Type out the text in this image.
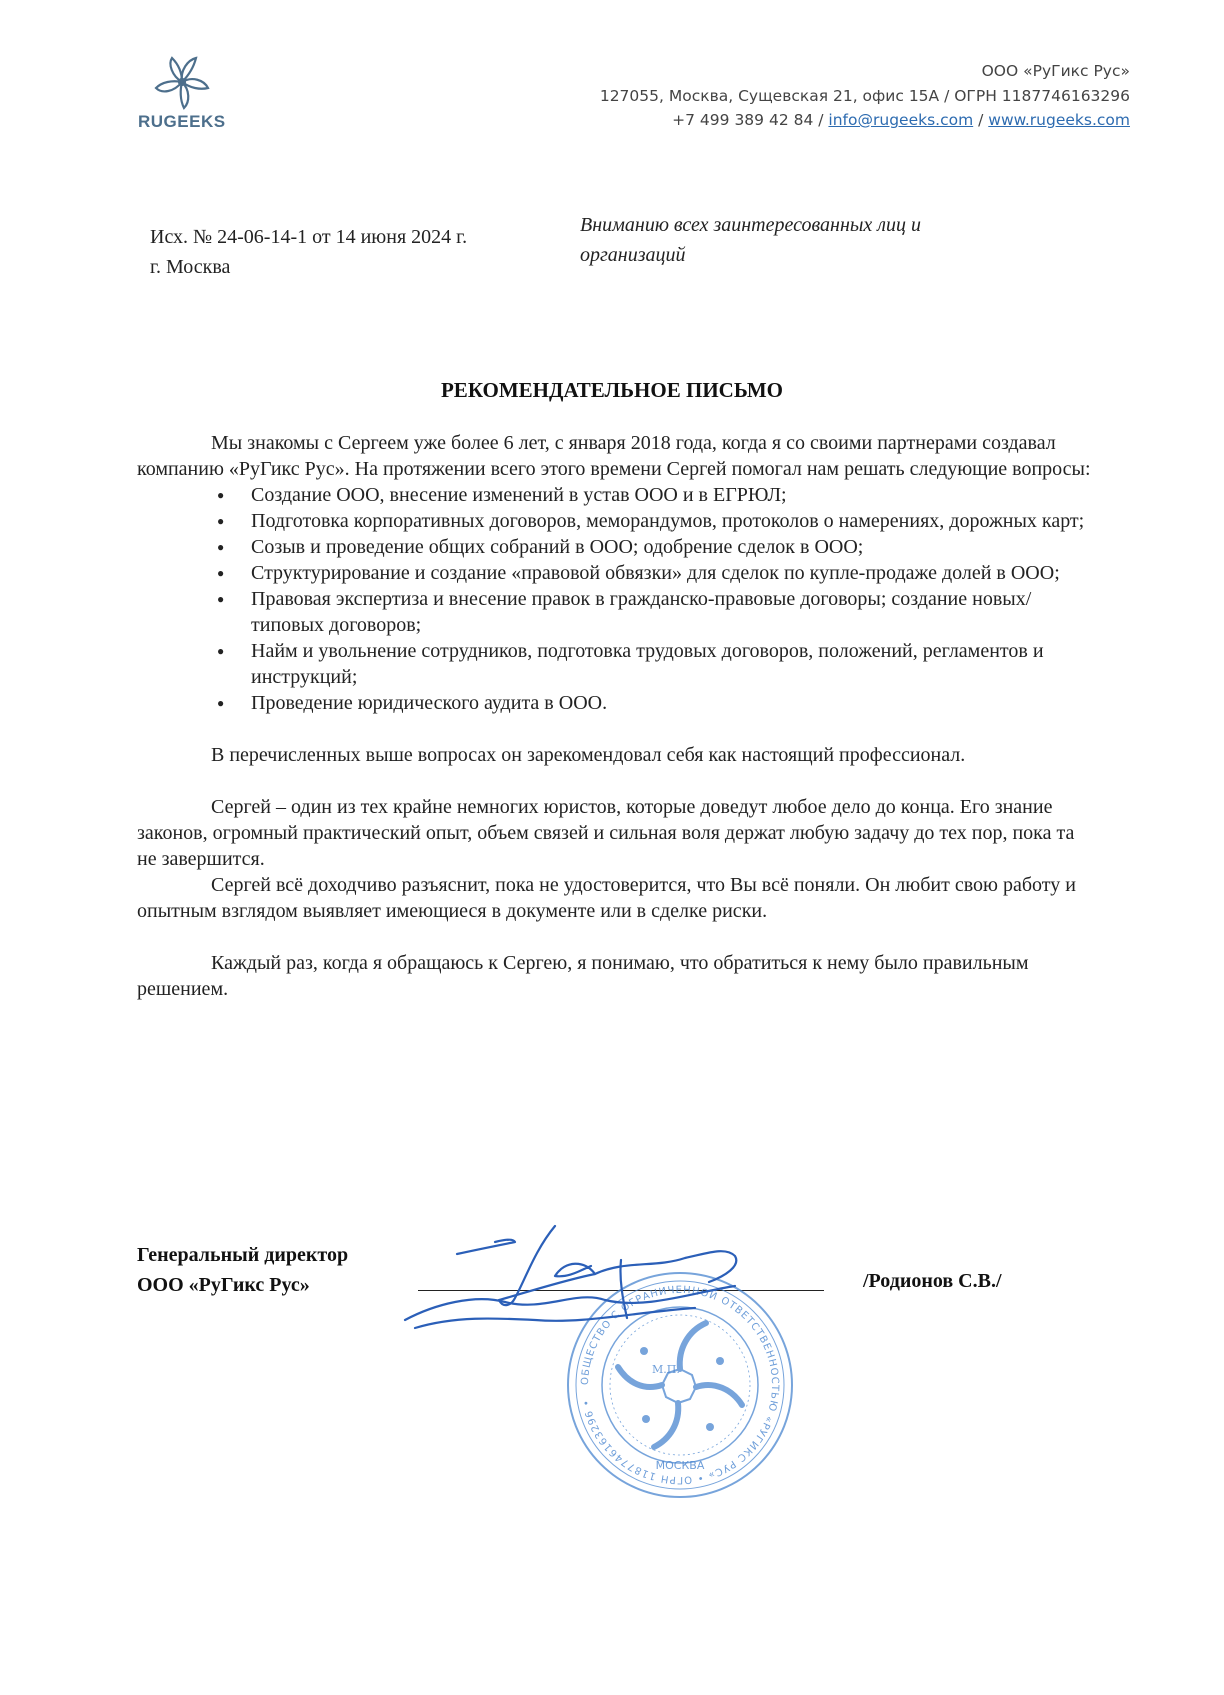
RUGEEKS
ООО «РуГикс Рус»
127055, Москва, Сущевская 21, офис 15А / ОГРН 1187746163296
+7 499 389 42 84 / info@rugeeks.com / www.rugeeks.com
Исх. № 24-06-14-1 от 14 июня 2024 г.
г. Москва
Вниманию всех заинтересованных лиц и организаций
РЕКОМЕНДАТЕЛЬНОЕ ПИСЬМО

Мы знакомы с Сергеем уже более 6 лет, с января 2018 года, когда я со своими партнерами создавал компанию «РуГикс Рус». На протяжении всего этого времени Сергей помогал нам решать следующие вопросы:

● Создание ООО, внесение изменений в устав ООО и в ЕГРЮЛ;
● Подготовка корпоративных договоров, меморандумов, протоколов о намерениях, дорожных карт;
● Созыв и проведение общих собраний в ООО; одобрение сделок в ООО;
● Структурирование и создание «правовой обвязки» для сделок по купле-продаже долей в ООО;
● Правовая экспертиза и внесение правок в гражданско-правовые договоры; создание новых/типовых договоров;
● Найм и увольнение сотрудников, подготовка трудовых договоров, положений, регламентов и инструкций;
● Проведение юридического аудита в ООО.

В перечисленных выше вопросах он зарекомендовал себя как настоящий профессионал.

Сергей – один из тех крайне немногих юристов, которые доведут любое дело до конца. Его знание законов, огромный практический опыт, объем связей и сильная воля держат любую задачу до тех пор, пока та не завершится.

Сергей всё доходчиво разъяснит, пока не удостоверится, что Вы всё поняли. Он любит свою работу и опытным взглядом выявляет имеющиеся в документе или в сделке риски.

Каждый раз, когда я обращаюсь к Сергею, я понимаю, что обратиться к нему было правильным решением.

Генеральный директор
ООО «РуГикс Рус»	/Родионов С.В./
ОБЩЕСТВО С ОГРАНИЧЕННОЙ ОТВЕТСТВЕННОСТЬЮ «РУГИКС РУС» • ОГРН 1187746163296 •
М.П.
МОСКВА
